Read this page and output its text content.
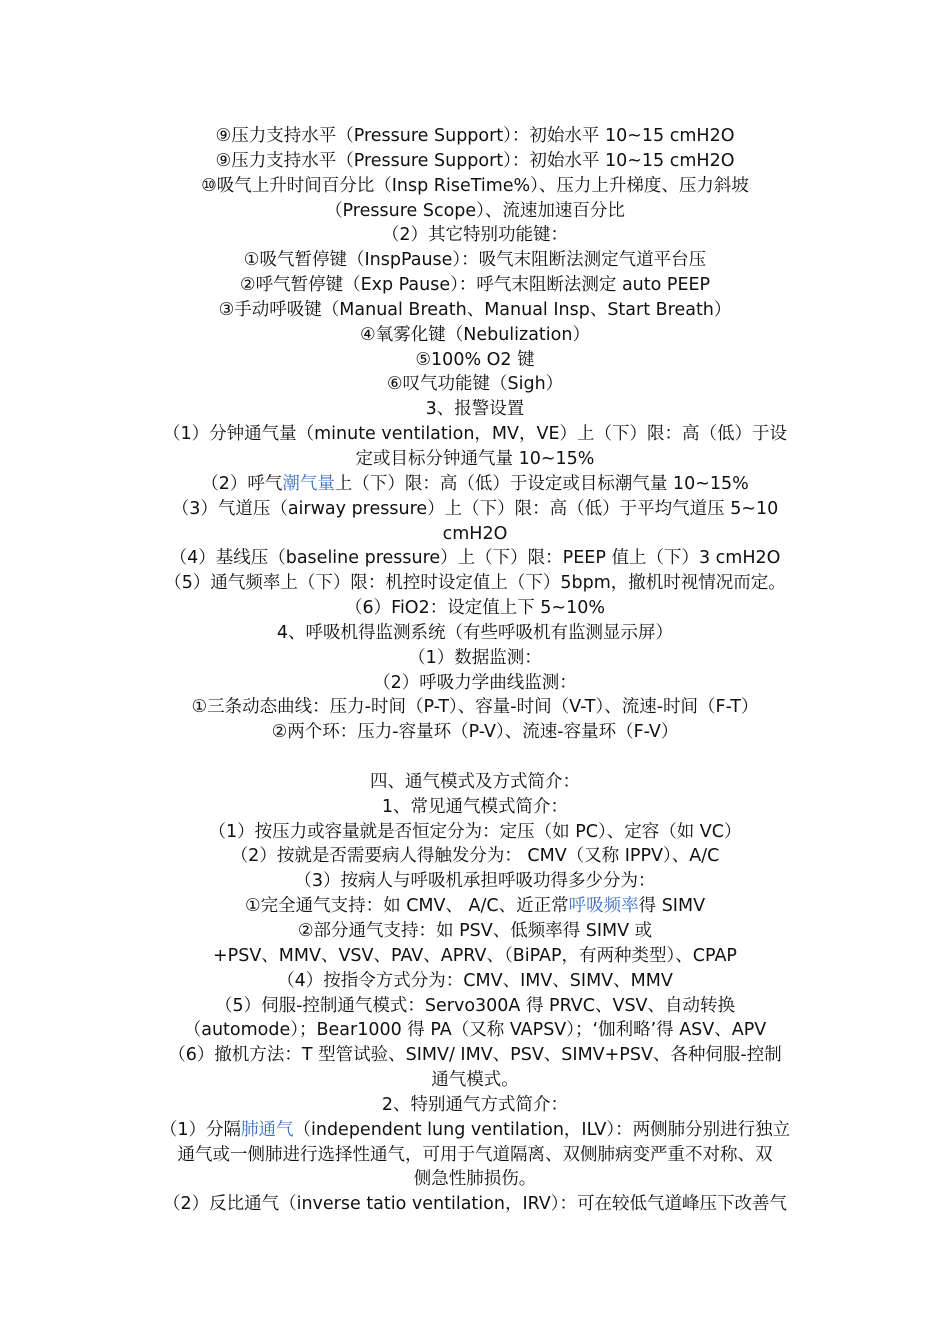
⑨压力支持水平（Pressure Support）：初始水平 10~15 cmH2O
⑨压力支持水平（Pressure Support）：初始水平 10~15 cmH2O
⑩吸气上升时间百分比（Insp RiseTime%）、压力上升梯度、压力斜坡
（Pressure Scope）、流速加速百分比
（2）其它特别功能键：
①吸气暂停键（InspPause）：吸气末阻断法测定气道平台压
②呼气暂停键（Exp Pause）：呼气末阻断法测定 auto PEEP
③手动呼吸键（Manual Breath、Manual Insp、Start Breath）
④氧雾化键（Nebulization）
⑤100% O2 键
⑥叹气功能键（Sigh）
3、报警设置
（1）分钟通气量（minute ventilation，MV，VE）上（下）限：高（低）于设
定或目标分钟通气量 10~15%
（2）呼气潮气量上（下）限：高（低）于设定或目标潮气量 10~15%
（3）气道压（airway pressure）上（下）限：高（低）于平均气道压 5~10
cmH2O
（4）基线压（baseline pressure）上（下）限：PEEP 值上（下）3 cmH2O
（5）通气频率上（下）限：机控时设定值上（下）5bpm，撤机时视情况而定。
（6）FiO2：设定值上下 5~10%
4、呼吸机得监测系统（有些呼吸机有监测显示屏）
（1）数据监测：
（2）呼吸力学曲线监测：
①三条动态曲线：压力-时间（P-T）、容量-时间（V-T）、流速-时间（F-T）
②两个环：压力-容量环（P-V）、流速-容量环（F-V）
四、通气模式及方式简介：
1、常见通气模式简介：
（1）按压力或容量就是否恒定分为：定压（如 PC）、定容（如 VC）
（2）按就是否需要病人得触发分为： CMV（又称 IPPV）、A/C
（3）按病人与呼吸机承担呼吸功得多少分为：
①完全通气支持：如 CMV、 A/C、近正常呼吸频率得 SIMV
②部分通气支持：如 PSV、低频率得 SIMV 或
+PSV、MMV、VSV、PAV、APRV、（BiPAP，有两种类型）、CPAP
（4）按指令方式分为：CMV、IMV、SIMV、MMV
（5）伺服-控制通气模式：Servo300A 得 PRVC、VSV、自动转换
（automode）；Bear1000 得 PA（又称 VAPSV）；‘伽利略’得 ASV、APV
（6）撤机方法：T 型管试验、SIMV/ IMV、PSV、SIMV+PSV、各种伺服-控制
通气模式。
2、特别通气方式简介：
（1）分隔肺通气（independent lung ventilation，ILV）：两侧肺分别进行独立
通气或一侧肺进行选择性通气，可用于气道隔离、双侧肺病变严重不对称、双
侧急性肺损伤。
（2）反比通气（inverse tatio ventilation，IRV）：可在较低气道峰压下改善气
